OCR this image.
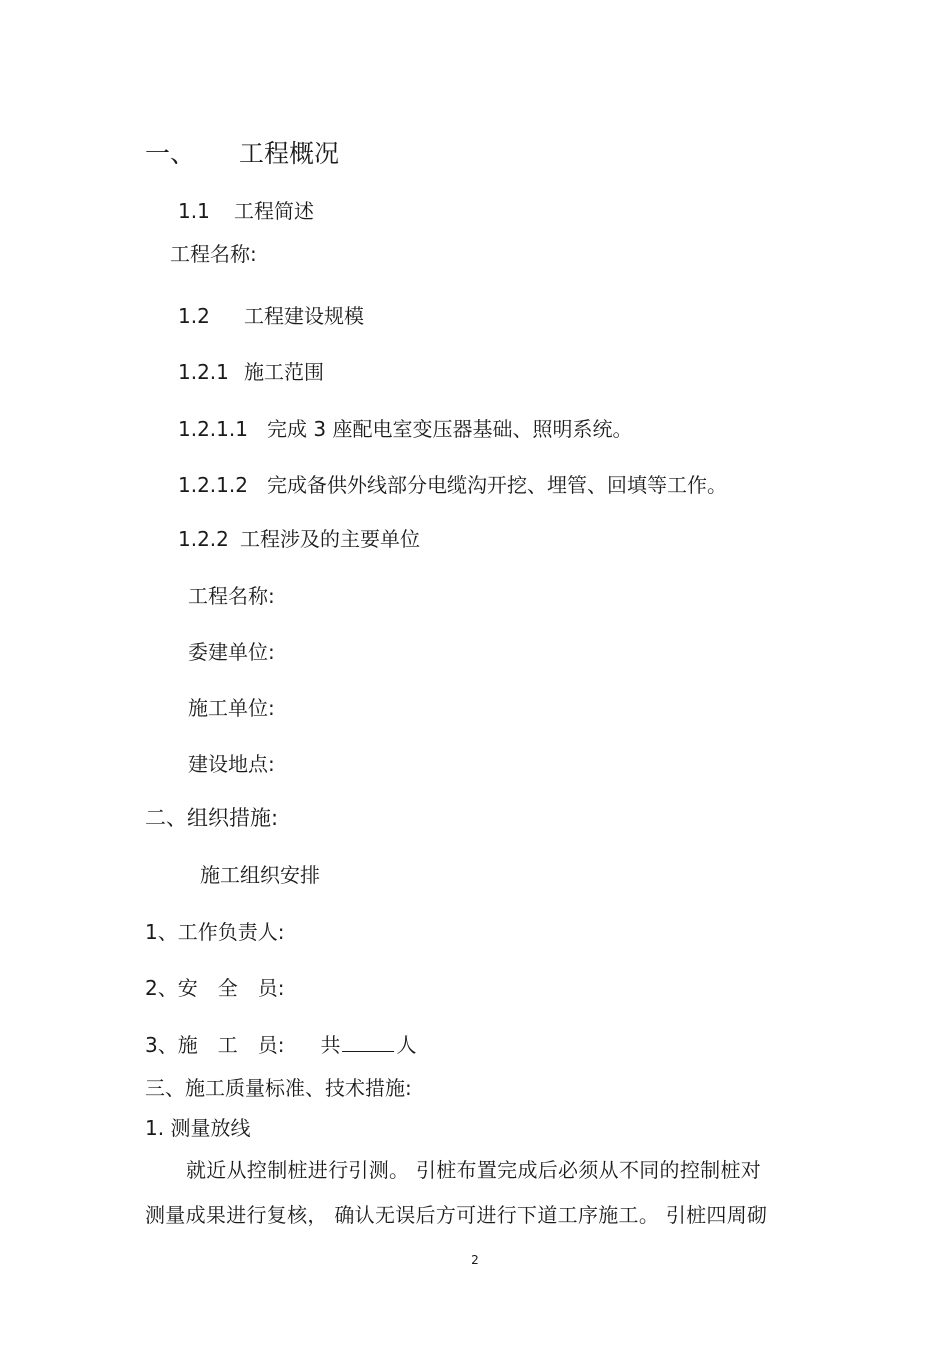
一、 工程概况
1.1 工程简述
工程名称:
1.2 工程建设规模
1.2.1 施工范围
1.2.1.1 完成 3 座配电室变压器基础、照明系统。
1.2.1.2 完成备供外线部分电缆沟开挖、埋管、回填等工作。
1.2.2 工程涉及的主要单位
工程名称:
委建单位:
施工单位:
建设地点:
二、组织措施:
施工组织安排
1、工作负责人:
2、安　全　员:
3、施　工　员: 共	人
三、施工质量标准、技术措施:
1. 测量放线
就近从控制桩进行引测。 引桩布置完成后必须从不同的控制桩对
测量成果进行复核， 确认无误后方可进行下道工序施工。 引桩四周砌
2
